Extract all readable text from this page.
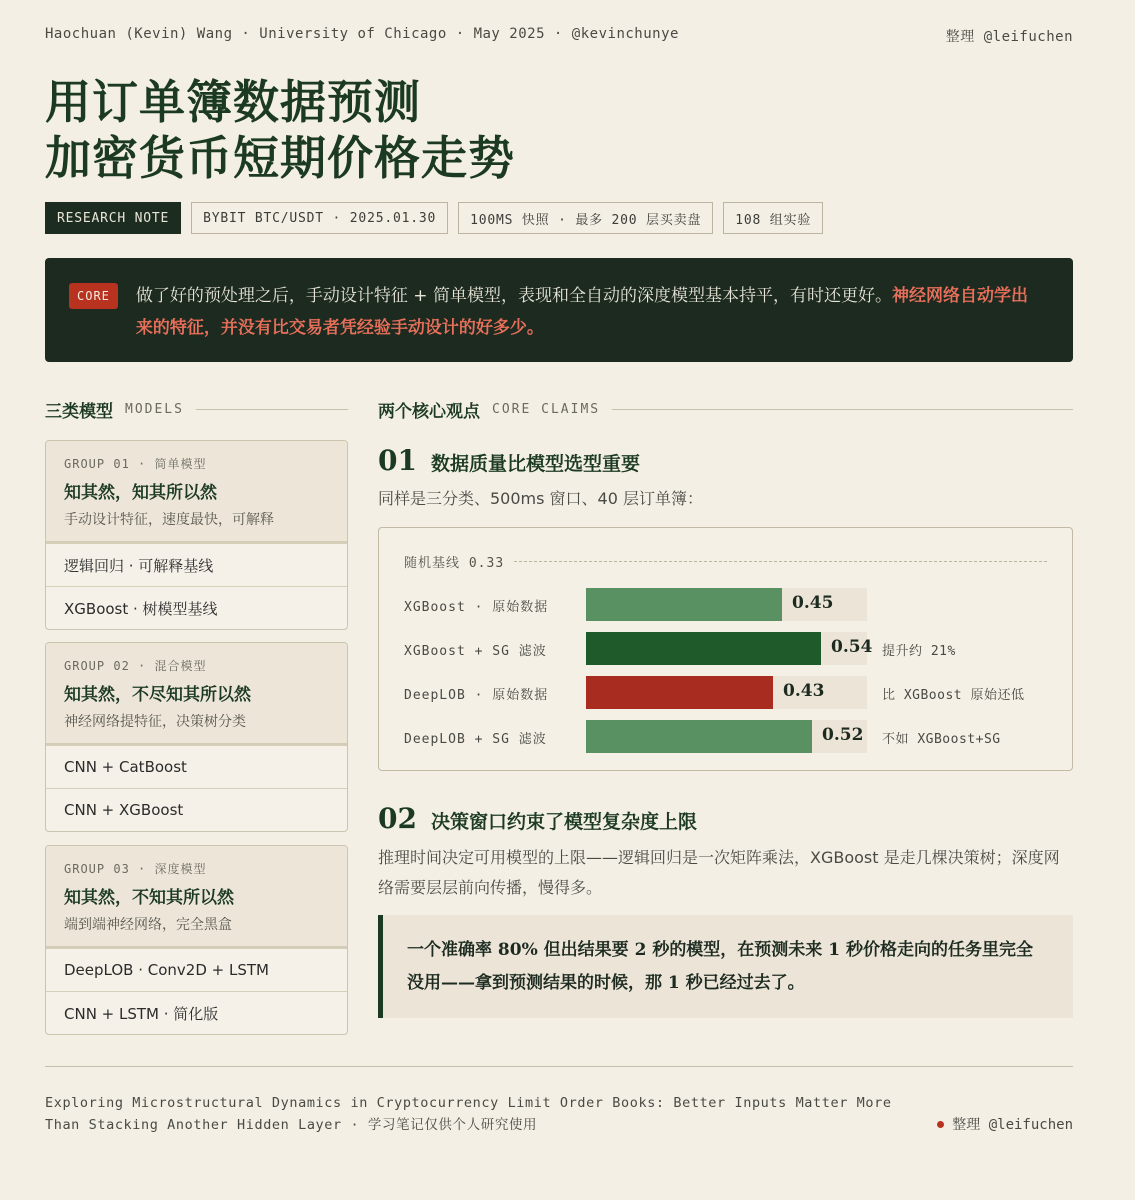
Haochuan (Kevin) Wang · University of Chicago · May 2025 · @kevinchunye	整理 @leifuchen
用订单簿数据预测
加密货币短期价格走势
RESEARCH NOTE	BYBIT BTC/USDT · 2025.01.30	100MS 快照 · 最多 200 层买卖盘	108 组实验
CORE	做了好的预处理之后，手动设计特征 + 简单模型，表现和全自动的深度模型基本持平，有时还更好。神经网络自动学出来的特征，并没有比交易者凭经验手动设计的好多少。
三类模型 MODELS
GROUP 01 · 简单模型
知其然，知其所以然
手动设计特征，速度最快，可解释
逻辑回归 · 可解释基线
XGBoost · 树模型基线
GROUP 02 · 混合模型
知其然，不尽知其所以然
神经网络提特征，决策树分类
CNN + CatBoost
CNN + XGBoost
GROUP 03 · 深度模型
知其然，不知其所以然
端到端神经网络，完全黑盒
DeepLOB · Conv2D + LSTM
CNN + LSTM · 简化版
两个核心观点 CORE CLAIMS
01 数据质量比模型选型重要
同样是三分类、500ms 窗口、40 层订单簿：
随机基线 0.33
XGBoost · 原始数据	0.45
XGBoost + SG 滤波	0.54 提升约 21%
DeepLOB · 原始数据	0.43	比 XGBoost 原始还低
DeepLOB + SG 滤波	0.52 不如 XGBoost+SG
02 决策窗口约束了模型复杂度上限
推理时间决定可用模型的上限——逻辑回归是一次矩阵乘法，XGBoost 是走几棵决策树；深度网络需要层层前向传播，慢得多。
一个准确率 80% 但出结果要 2 秒的模型，在预测未来 1 秒价格走向的任务里完全没用——拿到预测结果的时候，那 1 秒已经过去了。
Exploring Microstructural Dynamics in Cryptocurrency Limit Order Books: Better Inputs Matter More Than Stacking Another Hidden Layer · 学习笔记仅供个人研究使用	整理 @leifuchen
